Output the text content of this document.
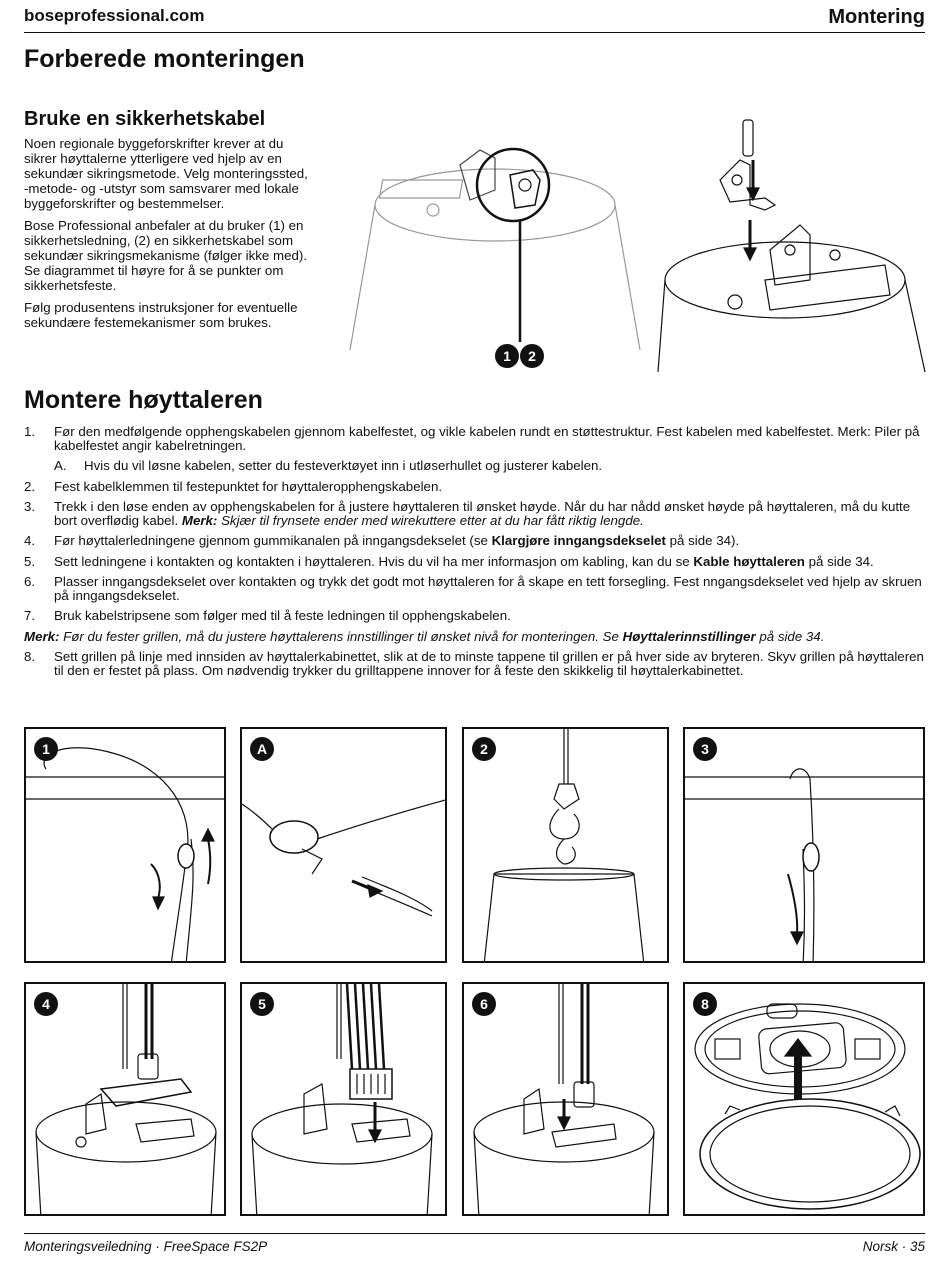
boseprofessional.com	Montering
Forberede monteringen
Bruke en sikkerhetskabel

Noen regionale byggeforskrifter krever at du sikrer høyttalerne ytterligere ved hjelp av en sekundær sikringsmetode. Velg monteringssted, -metode- og -utstyr som samsvarer med lokale byggeforskrifter og bestemmelser.

Bose Professional anbefaler at du bruker (1) en sikkerhetsledning, (2) en sikkerhetskabel som sekundær sikringsmekanisme (følger ikke med). Se diagrammet til høyre for å se punkter om sikkerhetsfeste.

Følg produsentens instruksjoner for eventuelle sekundære festemekanismer som brukes.

1	2
Montere høyttaleren
1. Før den medfølgende opphengskabelen gjennom kabelfestet, og vikle kabelen rundt en støttestruktur. Fest kabelen med kabelfestet. Merk: Piler på kabelfestet angir kabelretningen.
A. Hvis du vil løsne kabelen, setter du festeverktøyet inn i utløserhullet og justerer kabelen.
2. Fest kabelklemmen til festepunktet for høyttaleropphengskabelen.
3. Trekk i den løse enden av opphengskabelen for å justere høyttaleren til ønsket høyde. Når du har nådd ønsket høyde på høyttaleren, må du kutte bort overflødig kabel. Merk: Skjær til frynsete ender med wirekuttere etter at du har fått riktig lengde.
4. Før høyttalerledningene gjennom gummikanalen på inngangsdekselet (se Klargjøre inngangsdekselet på side 34).
5. Sett ledningene i kontakten og kontakten i høyttaleren. Hvis du vil ha mer informasjon om kabling, kan du se Kable høyttaleren på side 34.
6. Plasser inngangsdekselet over kontakten og trykk det godt mot høyttaleren for å skape en tett forsegling. Fest nngangsdekselet ved hjelp av skruen på inngangsdekselet.
7. Bruk kabelstripsene som følger med til å feste ledningen til opphengskabelen.
Merk: Før du fester grillen, må du justere høyttalerens innstillinger til ønsket nivå for monteringen. Se Høyttalerinnstillinger på side 34.
8. Sett grillen på linje med innsiden av høyttalerkabinettet, slik at de to minste tappene til grillen er på hver side av bryteren. Skyv grillen på høyttaleren til den er festet på plass. Om nødvendig trykker du grilltappene innover for å feste den skikkelig til høyttalerkabinettet.
1	A	2	3
4	5	6	8
Monteringsveiledning · FreeSpace FS2P	Norsk · 35
